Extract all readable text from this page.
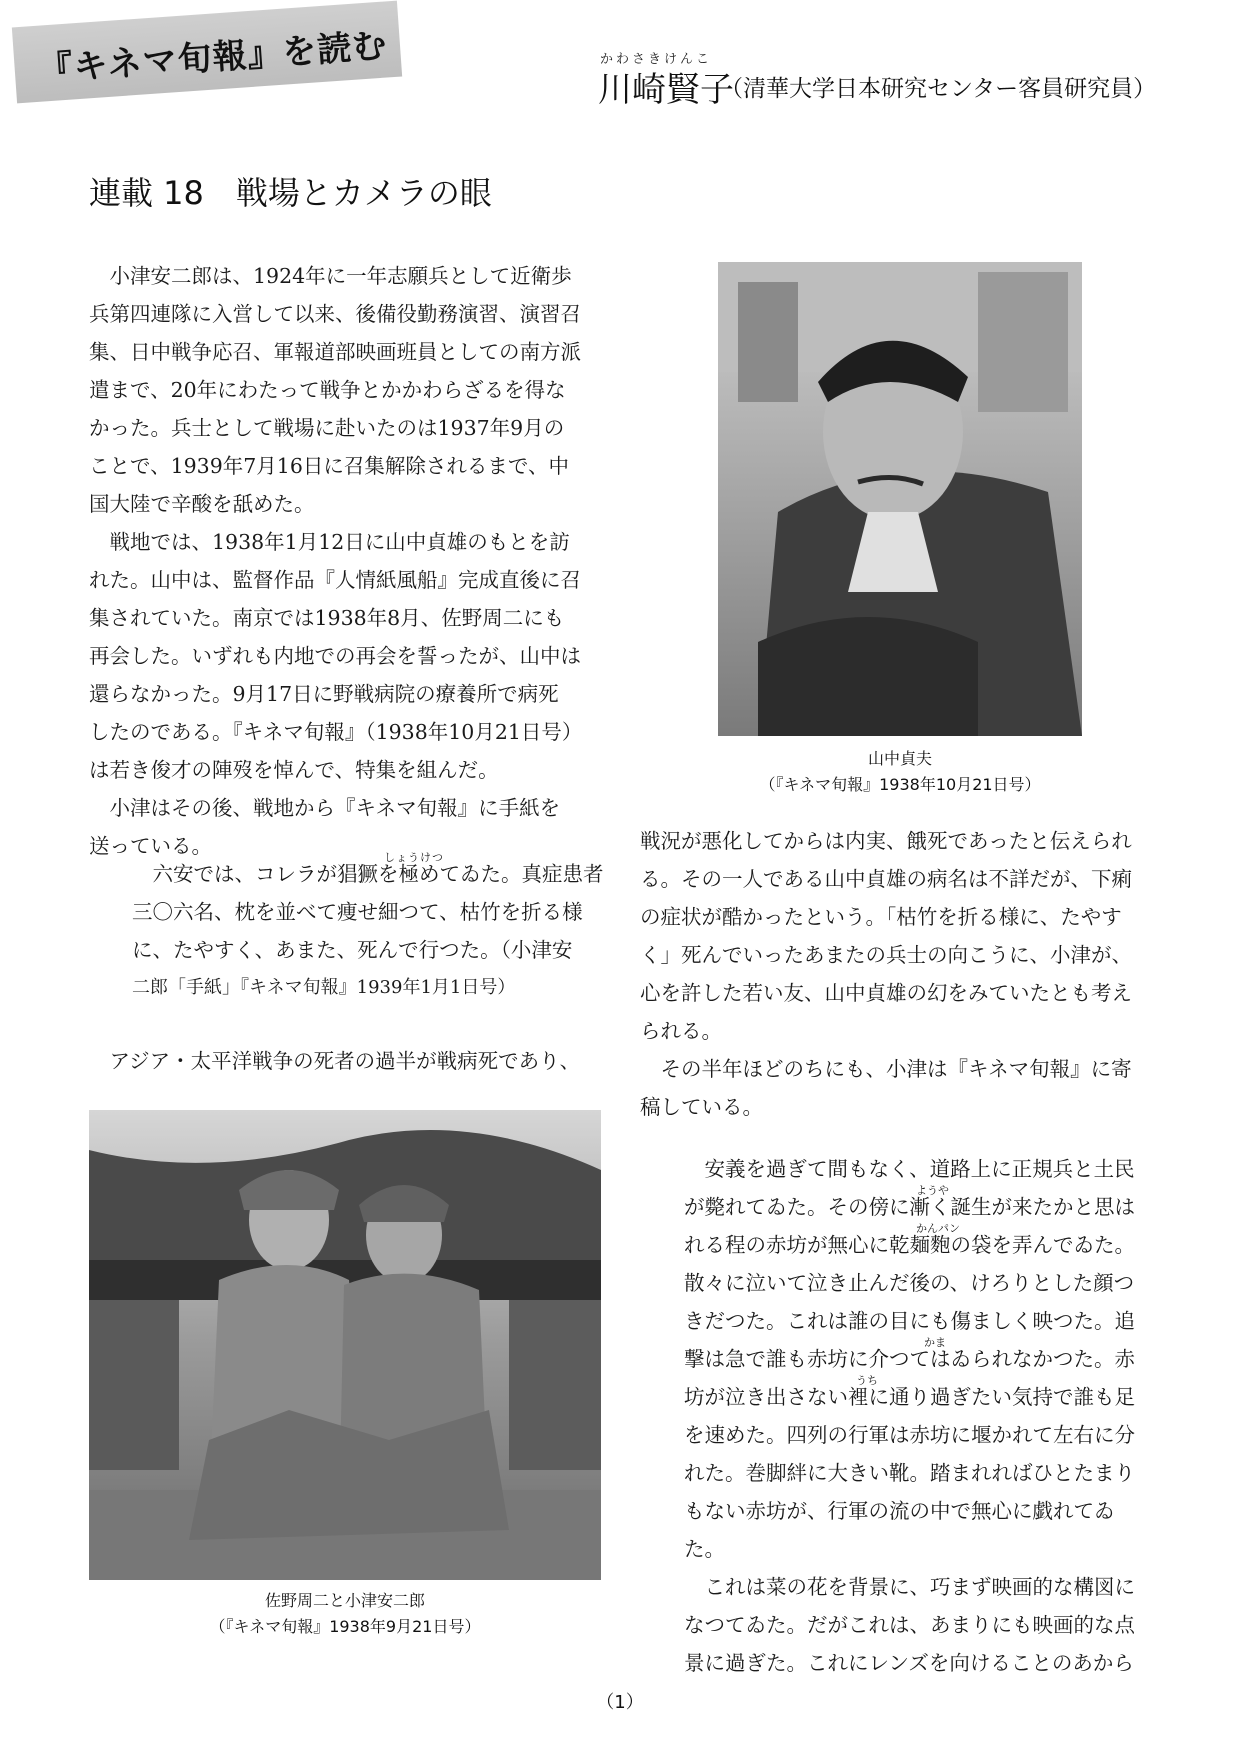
『キネマ旬報』を読む	かわさきけんこ
川崎賢子
（清華大学日本研究センター客員研究員）
連載 18　戦場とカメラの眼
小津安二郎は、1924年に一年志願兵として近衛歩
兵第四連隊に入営して以来、後備役勤務演習、演習召
集、日中戦争応召、軍報道部映画班員としての南方派
遣まで、20年にわたって戦争とかかわらざるを得な
かった。兵士として戦場に赴いたのは1937年9月の
ことで、1939年7月16日に召集解除されるまで、中
国大陸で辛酸を舐めた。
戦地では、1938年1月12日に山中貞雄のもとを訪
れた。山中は、監督作品『人情紙風船』完成直後に召
集されていた。南京では1938年8月、佐野周二にも
再会した。いずれも内地での再会を誓ったが、山中は
還らなかった。9月17日に野戦病院の療養所で病死
したのである。『キネマ旬報』（1938年10月21日号）
は若き俊才の陣歿を悼んで、特集を組んだ。
小津はその後、戦地から『キネマ旬報』に手紙を
送っている。	しょうけつ
六安では、コレラが猖獗を極めてゐた。真症患者
三〇六名、枕を並べて痩せ細つて、枯竹を折る様
に、たやすく、あまた、死んで行つた。（小津安
二郎「手紙」『キネマ旬報』1939年1月1日号）

アジア・太平洋戦争の死者の過半が戦病死であり、

佐野周二と小津安二郎
（『キネマ旬報』1938年9月21日号）
山中貞夫
（『キネマ旬報』1938年10月21日号）
戦況が悪化してからは内実、餓死であったと伝えられ
る。その一人である山中貞雄の病名は不詳だが、下痢
の症状が酷かったという。「枯竹を折る様に、たやす
く」死んでいったあまたの兵士の向こうに、小津が、
心を許した若い友、山中貞雄の幻をみていたとも考え
られる。
その半年ほどのちにも、小津は『キネマ旬報』に寄
稿している。
ようや
かんパン
かま
うち
安義を過ぎて間もなく、道路上に正規兵と土民
が斃れてゐた。その傍に漸く誕生が来たかと思は
れる程の赤坊が無心に乾麺麭の袋を弄んでゐた。
散々に泣いて泣き止んだ後の、けろりとした顔つ
きだつた。これは誰の目にも傷ましく映つた。追
撃は急で誰も赤坊に介つてはゐられなかつた。赤
坊が泣き出さない裡に通り過ぎたい気持で誰も足
を速めた。四列の行軍は赤坊に堰かれて左右に分
れた。巻脚絆に大きい靴。踏まれればひとたまり
もない赤坊が、行軍の流の中で無心に戯れてゐ
た。
これは菜の花を背景に、巧まず映画的な構図に
なつてゐた。だがこれは、あまりにも映画的な点
景に過ぎた。これにレンズを向けることのあから
（1）
